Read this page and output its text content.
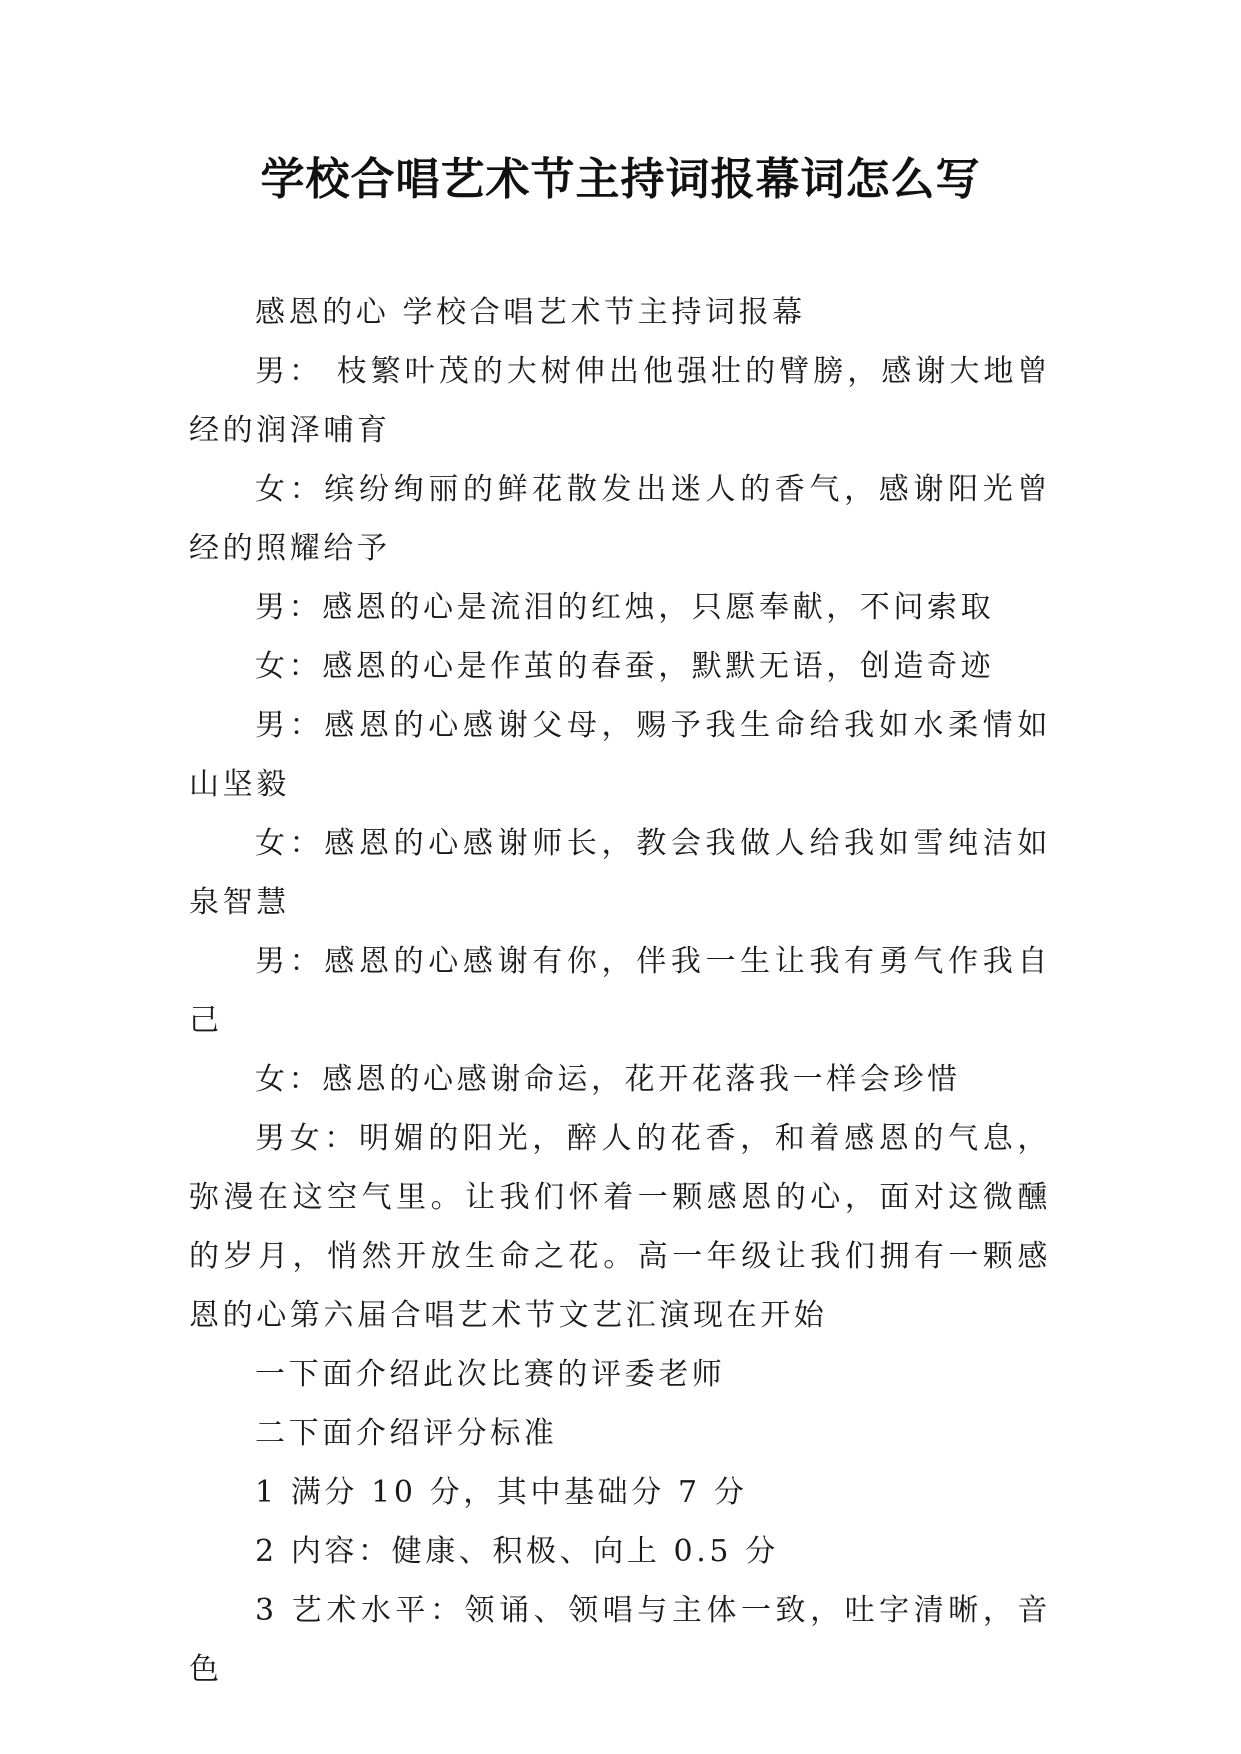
学校合唱艺术节主持词报幕词怎么写

感恩的心 学校合唱艺术节主持词报幕

男： 枝繁叶茂的大树伸出他强壮的臂膀，感谢大地曾经的润泽哺育

女：缤纷绚丽的鲜花散发出迷人的香气，感谢阳光曾经的照耀给予

男：感恩的心是流泪的红烛，只愿奉献，不问索取

女：感恩的心是作茧的春蚕，默默无语，创造奇迹

男：感恩的心感谢父母，赐予我生命给我如水柔情如山坚毅

女：感恩的心感谢师长，教会我做人给我如雪纯洁如泉智慧

男：感恩的心感谢有你，伴我一生让我有勇气作我自己

女：感恩的心感谢命运，花开花落我一样会珍惜

男女：明媚的阳光，醉人的花香，和着感恩的气息，弥漫在这空气里。让我们怀着一颗感恩的心，面对这微醺的岁月，悄然开放生命之花。高一年级让我们拥有一颗感恩的心第六届合唱艺术节文艺汇演现在开始

一下面介绍此次比赛的评委老师

二下面介绍评分标准

1 满分 10 分，其中基础分 7 分

2 内容：健康、积极、向上 0.5 分

3 艺术水平：领诵、领唱与主体一致，吐字清晰，音色
